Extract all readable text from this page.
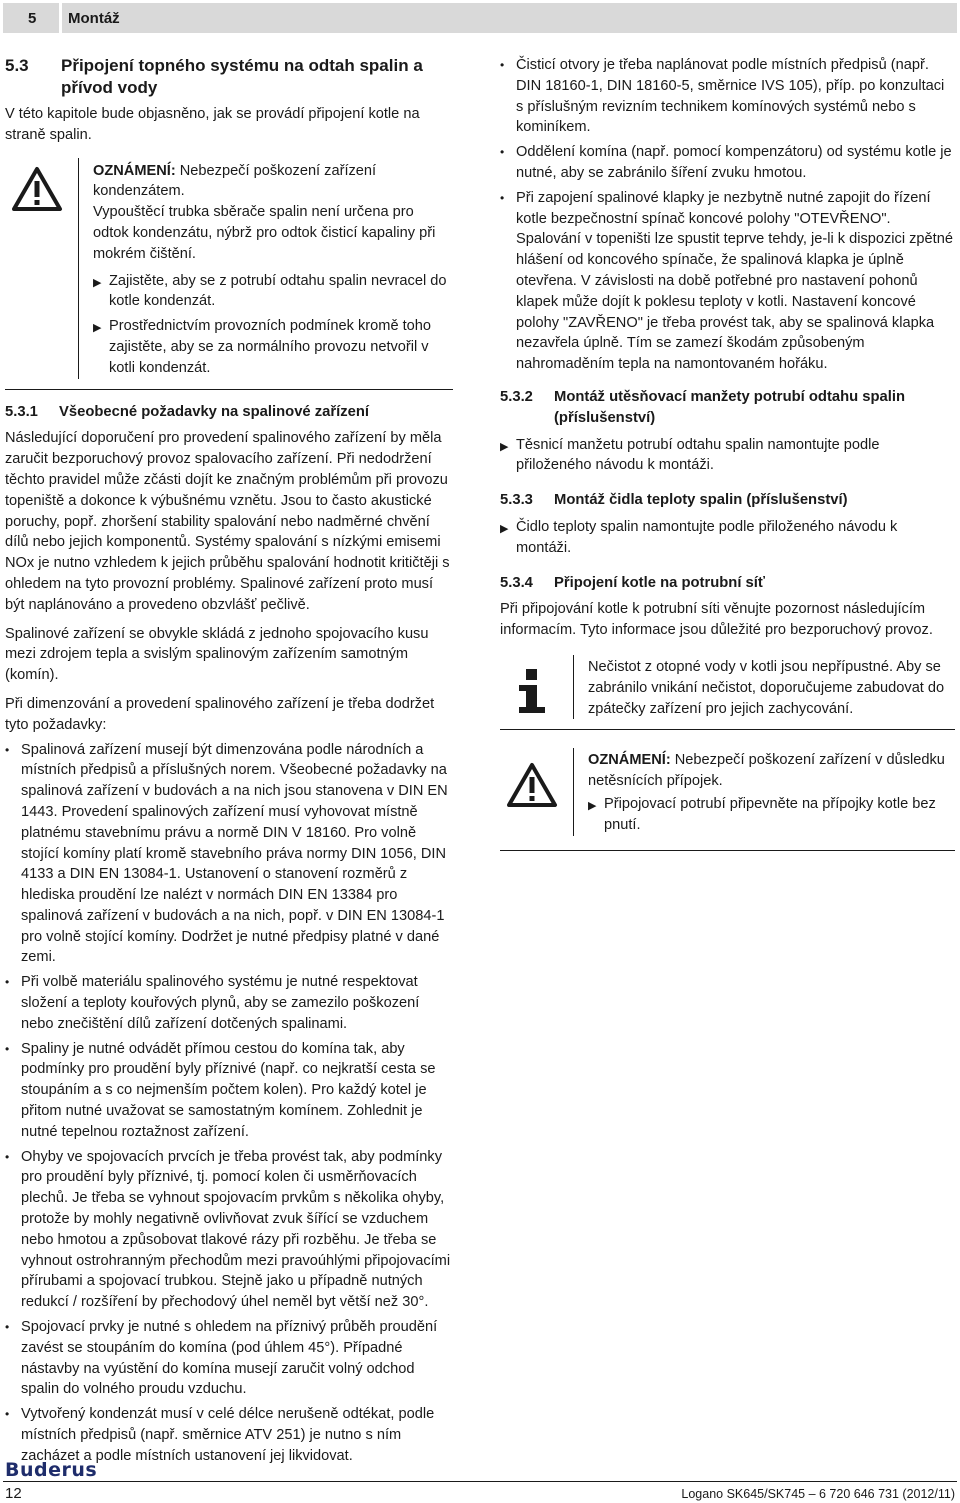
5 Montáž
5.3	Připojení topného systému na odtah spalin a přívod vody

V této kapitole bude objasněno, jak se provádí připojení kotle na straně spalin.

OZNÁMENÍ: Nebezpečí poškození zařízení kondenzátem.
Vypouštěcí trubka sběrače spalin není určena pro odtok kondenzátu, nýbrž pro odtok čisticí kapaliny při mokrém čištění.
▶ Zajistěte, aby se z potrubí odtahu spalin nevracel do kotle kondenzát.
▶ Prostřednictvím provozních podmínek kromě toho zajistěte, aby se za normálního provozu netvořil v kotli kondenzát.
5.3.1	Všeobecné požadavky na spalinové zařízení

Následující doporučení pro provedení spalinového zařízení by měla zaručit bezporuchový provoz spalovacího zařízení. Při nedodržení těchto pravidel může zčásti dojít ke značným problémům při provozu topeniště a dokonce k výbušnému vznětu. Jsou to často akustické poruchy, popř. zhoršení stability spalování nebo nadměrné chvění dílů nebo jejich komponentů. Systémy spalování s nízkými emisemi NOx je nutno vzhledem k jejich průběhu spalování hodnotit kritičtěji s ohledem na tyto provozní problémy. Spalinové zařízení proto musí být naplánováno a provedeno obzvlášť pečlivě.

Spalinové zařízení se obvykle skládá z jednoho spojovacího kusu mezi zdrojem tepla a svislým spalinovým zařízením samotným (komín).

Při dimenzování a provedení spalinového zařízení je třeba dodržet tyto požadavky:

• Spalinová zařízení musejí být dimenzována podle národních a místních předpisů a příslušných norem. Všeobecné požadavky na spalinová zařízení v budovách a na nich jsou stanovena v DIN EN 1443. Provedení spalinových zařízení musí vyhovovat místně platnému stavebnímu právu a normě DIN V 18160. Pro volně stojící komíny platí kromě stavebního práva normy DIN 1056, DIN 4133 a DIN EN 13084-1. Ustanovení o stanovení rozměrů z hlediska proudění lze nalézt v normách DIN EN 13384 pro spalinová zařízení v budovách a na nich, popř. v DIN EN 13084-1 pro volně stojící komíny. Dodržet je nutné předpisy platné v dané zemi.
• Při volbě materiálu spalinového systému je nutné respektovat složení a teploty kouřových plynů, aby se zamezilo poškození nebo znečištění dílů zařízení dotčených spalinami.
• Spaliny je nutné odvádět přímou cestou do komína tak, aby podmínky pro proudění byly příznivé (např. co nejkratší cesta se stoupáním a s co nejmenším počtem kolen). Pro každý kotel je přitom nutné uvažovat se samostatným komínem. Zohlednit je nutné tepelnou roztažnost zařízení.
• Ohyby ve spojovacích prvcích je třeba provést tak, aby podmínky pro proudění byly příznivé, tj. pomocí kolen či usměrňovacích plechů. Je třeba se vyhnout spojovacím prvkům s několika ohyby, protože by mohly negativně ovlivňovat zvuk šířící se vzduchem nebo hmotou a způsobovat tlakové rázy při rozběhu. Je třeba se vyhnout ostrohranným přechodům mezi pravoúhlými připojovacími přírubami a spojovací trubkou. Stejně jako u případně nutných redukcí / rozšíření by přechodový úhel neměl byt větší než 30°.
• Spojovací prvky je nutné s ohledem na příznivý průběh proudění zavést se stoupáním do komína (pod úhlem 45°). Případné nástavby na vyústění do komína musejí zaručit volný odchod spalin do volného proudu vzduchu.
• Vytvořený kondenzát musí v celé délce nerušeně odtékat, podle místních předpisů (např. směrnice ATV 251) je nutno s ním zacházet a podle místních ustanovení jej likvidovat.
• Čisticí otvory je třeba naplánovat podle místních předpisů (např. DIN 18160-1, DIN 18160-5, směrnice IVS 105), příp. po konzultaci s příslušným revizním technikem komínových systémů nebo s kominíkem.
• Oddělení komína (např. pomocí kompenzátoru) od systému kotle je nutné, aby se zabránilo šíření zvuku hmotou.
• Při zapojení spalinové klapky je nezbytně nutné zapojit do řízení kotle bezpečnostní spínač koncové polohy "OTEVŘENO". Spalování v topeništi lze spustit teprve tehdy, je-li k dispozici zpětné hlášení od koncového spínače, že spalinová klapka je úplně otevřena. V závislosti na době potřebné pro nastavení pohonů klapek může dojít k poklesu teploty v kotli. Nastavení koncové polohy "ZAVŘENO" je třeba provést tak, aby se spalinová klapka nezavřela úplně. Tím se zamezí škodám způsobeným nahromaděním tepla na namontovaném hořáku.
5.3.2	Montáž utěsňovací manžety potrubí odtahu spalin (příslušenství)
▶ Těsnicí manžetu potrubí odtahu spalin namontujte podle přiloženého návodu k montáži.
5.3.3	Montáž čidla teploty spalin (příslušenství)
▶ Čidlo teploty spalin namontujte podle přiloženého návodu k montáži.
5.3.4	Připojení kotle na potrubní síť

Při připojování kotle k potrubní síti věnujte pozornost následujícím informacím. Tyto informace jsou důležité pro bezporuchový provoz.

Nečistot z otopné vody v kotli jsou nepřípustné. Aby se zabránilo vnikání nečistot, doporučujeme zabudovat do zpátečky zařízení pro jejich zachycování.
OZNÁMENÍ: Nebezpečí poškození zařízení v důsledku netěsnících přípojek.
▶ Připojovací potrubí připevněte na přípojky kotle bez pnutí.
Buderus
12	Logano SK645/SK745 – 6 720 646 731 (2012/11)
